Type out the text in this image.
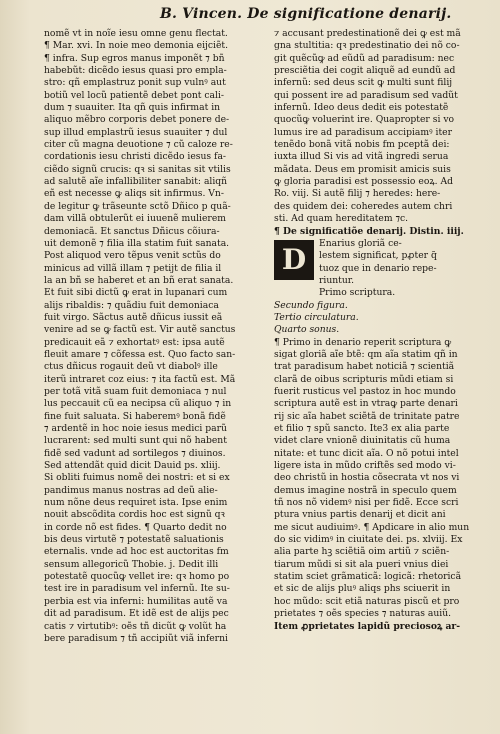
B. Vincen. De significatione denarij.
nomẽ vt in noĩe iesu omne genu flectat.
¶ Mar. xvi. In noie meo demonia eijciẽt.
¶ infra. Sup egros manus imponẽt ⁊ bñ
habebũt: dicẽdo iesus quasi pro empla-
stro: qñ emplastruz ponit sup vulnꝰ aut
botiũ vel locũ patientẽ debet pont cali-
dum ⁊ suauiter. Ita qñ quis infirmat in
aliquo mẽbro corporis debet ponere de-
sup illud emplastrũ iesus suauiter ⁊ dul
citer cũ magna deuotione ⁊ cũ caloze re-
cordationis iesu christi dicẽdo iesus fa-
ciẽdo signũ crucis: qꝛ si sanitas sit vtilis
ad salutẽ aĩe infallibiliter sanabit: aliqñ
eñ est necesse ꝙ aliqs sit infirmus. Vn-
de legitur ꝙ trãseunte sctõ Dñico p quã-
dam villã obtulerũt ei iuuenẽ mulierem
demoniacã. Et sanctus Dñicus cõiura-
uit demonẽ ⁊ filia illa statim fuit sanata.
Post aliquod vero tẽpus venit sctũs do
minicus ad villã illam ⁊ petijt de filia il
la an bñ se haberet et an bñ erat sanata.
Et fuit sibi dictũ ꝙ erat in lupanari cum
alijs ribaldis: ⁊ quãdiu fuit demoniaca
fuit virgo. Sãctus autẽ dñicus iussit eã
venire ad se ꝙ factũ est. Vir autẽ sanctus
predicauit eã ⁊ exhortatꝰ est: ipsa autẽ
fleuit amare ⁊ cõfessa est. Quo facto san-
ctus dñicus rogauit deũ vt diabolꝰ ille
iterũ intraret coz eius: ⁊ ita factũ est. Mã
per totã vitã suam fuit demoniaca ⁊ nul
lus peccauit cũ ea necipsa cũ aliquo ⁊ in
fine fuit saluata. Si haberemꝰ bonã fidẽ
⁊ ardentẽ in hoc noie iesus medici parũ
lucrarent: sed multi sunt qui nõ habent
fidẽ sed vadunt ad sortilegos ⁊ diuinos.
Sed attendãt quid dicit Dauid ps. xliij.
Si obliti fuimus nomẽ dei nostri: et si ex
pandimus manus nostras ad deũ alie-
num nõne deus requiret ista. Ipse enim
nouit abscõdita cordis hoc est signũ qꝛ
in corde nõ est fides. ¶ Quarto dedit no
bis deus virtutẽ ⁊ potestatẽ saluationis
eternalis. vnde ad hoc est auctoritas fm
sensum allegoricũ Thobie. j. Dedit illi
potestatẽ quocũꝙ vellet ire: qꝛ homo po
test ire in paradisum vel infernũ. Ite su-
perbia est via inferni: humilitas autẽ va
dit ad paradisum. Et idẽ est de alijs pec
catis ⁊ virtutibꝰ: oẽs tñ dicũt ꝙ volũt ha
bere paradisum ⁊ tñ accipiũt viã inferni
⁊ accusant predestinationẽ dei ꝙ est mã
gna stultitia: qꝛ predestinatio dei nõ co-
git quẽcũꝙ ad eũdũ ad paradisum: nec
presciẽtia dei cogit aliquẽ ad eundũ ad
infernũ: sed deus scit ꝙ multi sunt filij
qui possent ire ad paradisum sed vadũt
infernũ. Ideo deus dedit eis potestatẽ
quocũꝙ voluerint ire. Quapropter si vo
lumus ire ad paradisum accipiamꝰ iter
tenẽdo bonã vitã nobis fm pceptã dei:
iuxta illud Si vis ad vitã ingredi serua
mãdata. Deus em promisit amicis suis
ꝙ gloria paradisi est possessio eoꝝ. Ad
Ro. viij. Si autẽ filij ⁊ heredes: here-
des quidem dei: coheredes autem chri
sti. Ad quam hereditatem ⁊c.
¶ De significatiõe denarij. Distin. iiij.
D	Enarius gloriã ce-
lestem significat, pꝓter q̃
tuoz que in denario repe-
riuntur.
Primo scriptura.
Secundo figura.
Tertio circulatura.
Quarto sonus.
¶ Primo in denario reperit scriptura ꝙ
sigat gloriã aĩe btẽ: qm aĩa statim qñ in
trat paradisum habet noticiã ⁊ scientiã
clarã de oibus scripturis mũdi etiam si
fuerit rusticus vel pastoz in hoc mundo
scriptura autẽ est in vtraꝙ parte denari
rij sic aĩa habet sciẽtã de trinitate patre
et filio ⁊ spũ sancto. Ite3 ex alia parte
videt clare vnionẽ diuinitatis cũ huma
nitate: et tunc dicit aĩa. O nõ potui intel
ligere ista in mũdo criftẽs sed modo vi-
deo christũ in hostia cõsecrata vt nos vi
demus imagine nostrã in speculo quem
tñ nos nõ videmꝰ nisi per fidẽ. Ecce scri
ptura vnius partis denarij et dicit ani
me sicut audiuimꝰ. ¶ Apdicare in alio mun
do sic vidimꝰ in ciuitate dei. ps. xlviij. Ex
alia parte hꝫ sciẽtiã oim artiũ ⁊ sciẽn-
tiarum mũdi si sit ala pueri vnius diei
statim sciet grãmaticã: logicã: rhetoricã
et sic de alijs pluꝰ aliqs phs sciuerit in
hoc mũdo: scit etiã naturas piscũ et pro
prietates ⁊ oẽs species ⁊ naturas auiũ.
Item ꝓprietates lapidũ preciosoꝝ ar-
